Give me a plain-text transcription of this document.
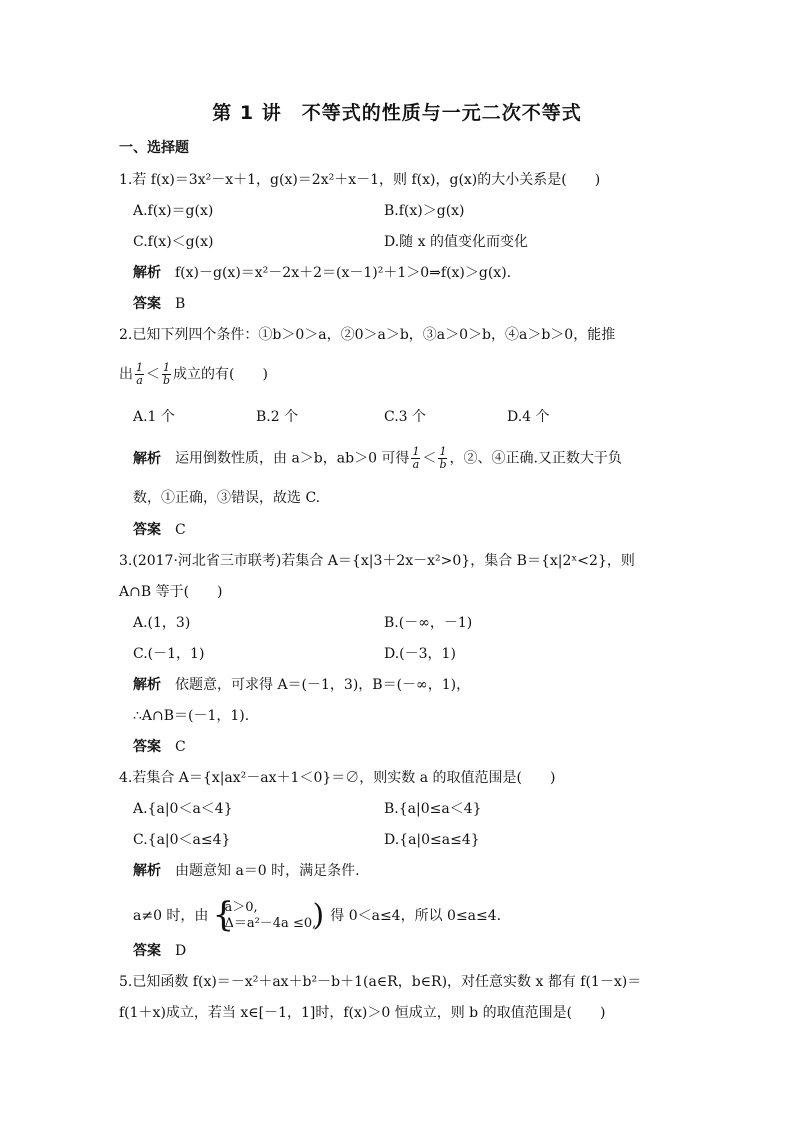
第 1 讲　不等式的性质与一元二次不等式
一、选择题
1.若 f(x)＝3x²－x＋1，g(x)＝2x²＋x－1，则 f(x)，g(x)的大小关系是(　　)
A.f(x)＝g(x)	B.f(x)＞g(x)
C.f(x)＜g(x)	D.随 x 的值变化而变化
解析 f(x)－g(x)＝x²－2x＋2＝(x－1)²＋1＞0⇒f(x)＞g(x).
答案 B
2.已知下列四个条件：①b＞0＞a，②0＞a＞b，③a＞0＞b，④a＞b＞0，能推
出 $\frac{1}{a} < \frac{1}{b}$ 成立的有(　　)
A.1 个	B.2 个	C.3 个	D.4 个
解析 运用倒数性质，由 a＞b，ab＞0 可得 $\frac{1}{a} < \frac{1}{b}$ ，②、④正确.又正数大于负
数，①正确，③错误，故选 C.
答案 C
3.(2017·河北省三市联考)若集合 A＝{x|3＋2x－x²>0}，集合 B＝{x|2ˣ<2}，则
A∩B 等于(　　)
A.(1，3)	B.(－∞，－1)
C.(－1，1)	D.(－3，1)
解析 依题意，可求得 A＝(－1，3)，B＝(－∞，1)，
∴A∩B＝(－1，1).
答案 C
4.若集合 A＝{x|ax²－ax＋1＜0}＝∅，则实数 a 的取值范围是(　　)
A.{a|0＜a＜4}	B.{a|0≤a＜4}
C.{a|0＜a≤4}	D.{a|0≤a≤4}
解析 由题意知 a＝0 时，满足条件.
a≠0 时，由
{ a＞0,
Δ＝a²－4a ≤0,
) 得 0＜a≤4，所以 0≤a≤4.
答案 D
5.已知函数 f(x)＝－x²＋ax＋b²－b＋1(a∈R，b∈R)，对任意实数 x 都有 f(1－x)＝
f(1＋x)成立，若当 x∈[－1，1]时，f(x)＞0 恒成立，则 b 的取值范围是(　　)
